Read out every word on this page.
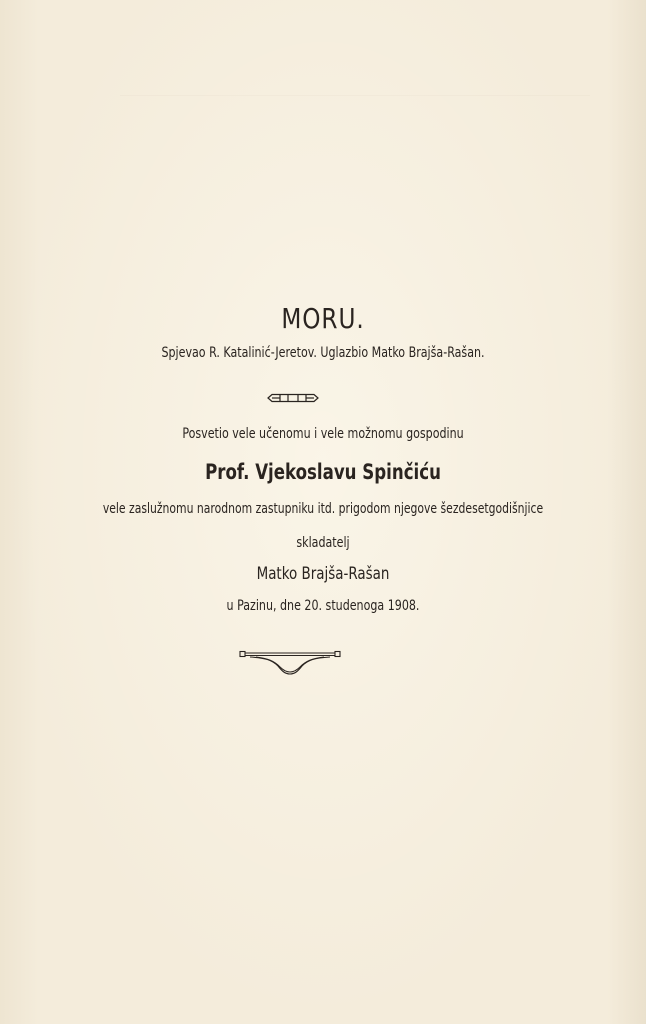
MORU.
Spjevao R. Katalinić-Jeretov. Uglazbio Matko Brajša-Rašan.
Posvetio vele učenomu i vele možnomu gospodinu
Prof. Vjekoslavu Spinčiću
vele zaslužnomu narodnom zastupniku itd. prigodom njegove šezdesetgodišnjice
skladatelj
Matko Brajša-Rašan
u Pazinu, dne 20. studenoga 1908.
